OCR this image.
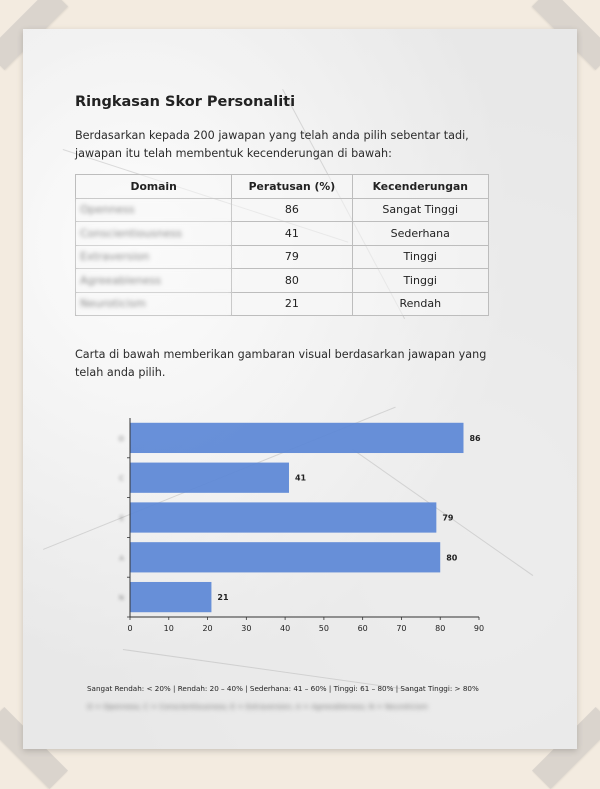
Ringkasan Skor Personaliti

Berdasarkan kepada 200 jawapan yang telah anda pilih sebentar tadi, jawapan itu telah membentuk kecenderungan di bawah:

Domain	Peratusan (%)	Kecenderungan
Openness	86	Sangat Tinggi
Conscientiousness	41	Sederhana
Extraversion	79	Tinggi
Agreeableness	80	Tinggi
Neuroticism	21	Rendah

Carta di bawah memberikan gambaran visual berdasarkan jawapan yang telah anda pilih.

86
O
41
C
79
E
80
A
21
N
0	10	20	30	40	50	60	70	80	90

Sangat Rendah: < 20% | Rendah: 20 – 40% | Sederhana: 41 – 60% | Tinggi: 61 – 80% | Sangat Tinggi: > 80%

O = Openness; C = Conscientiousness; E = Extraversion; A = Agreeableness; N = Neuroticism
